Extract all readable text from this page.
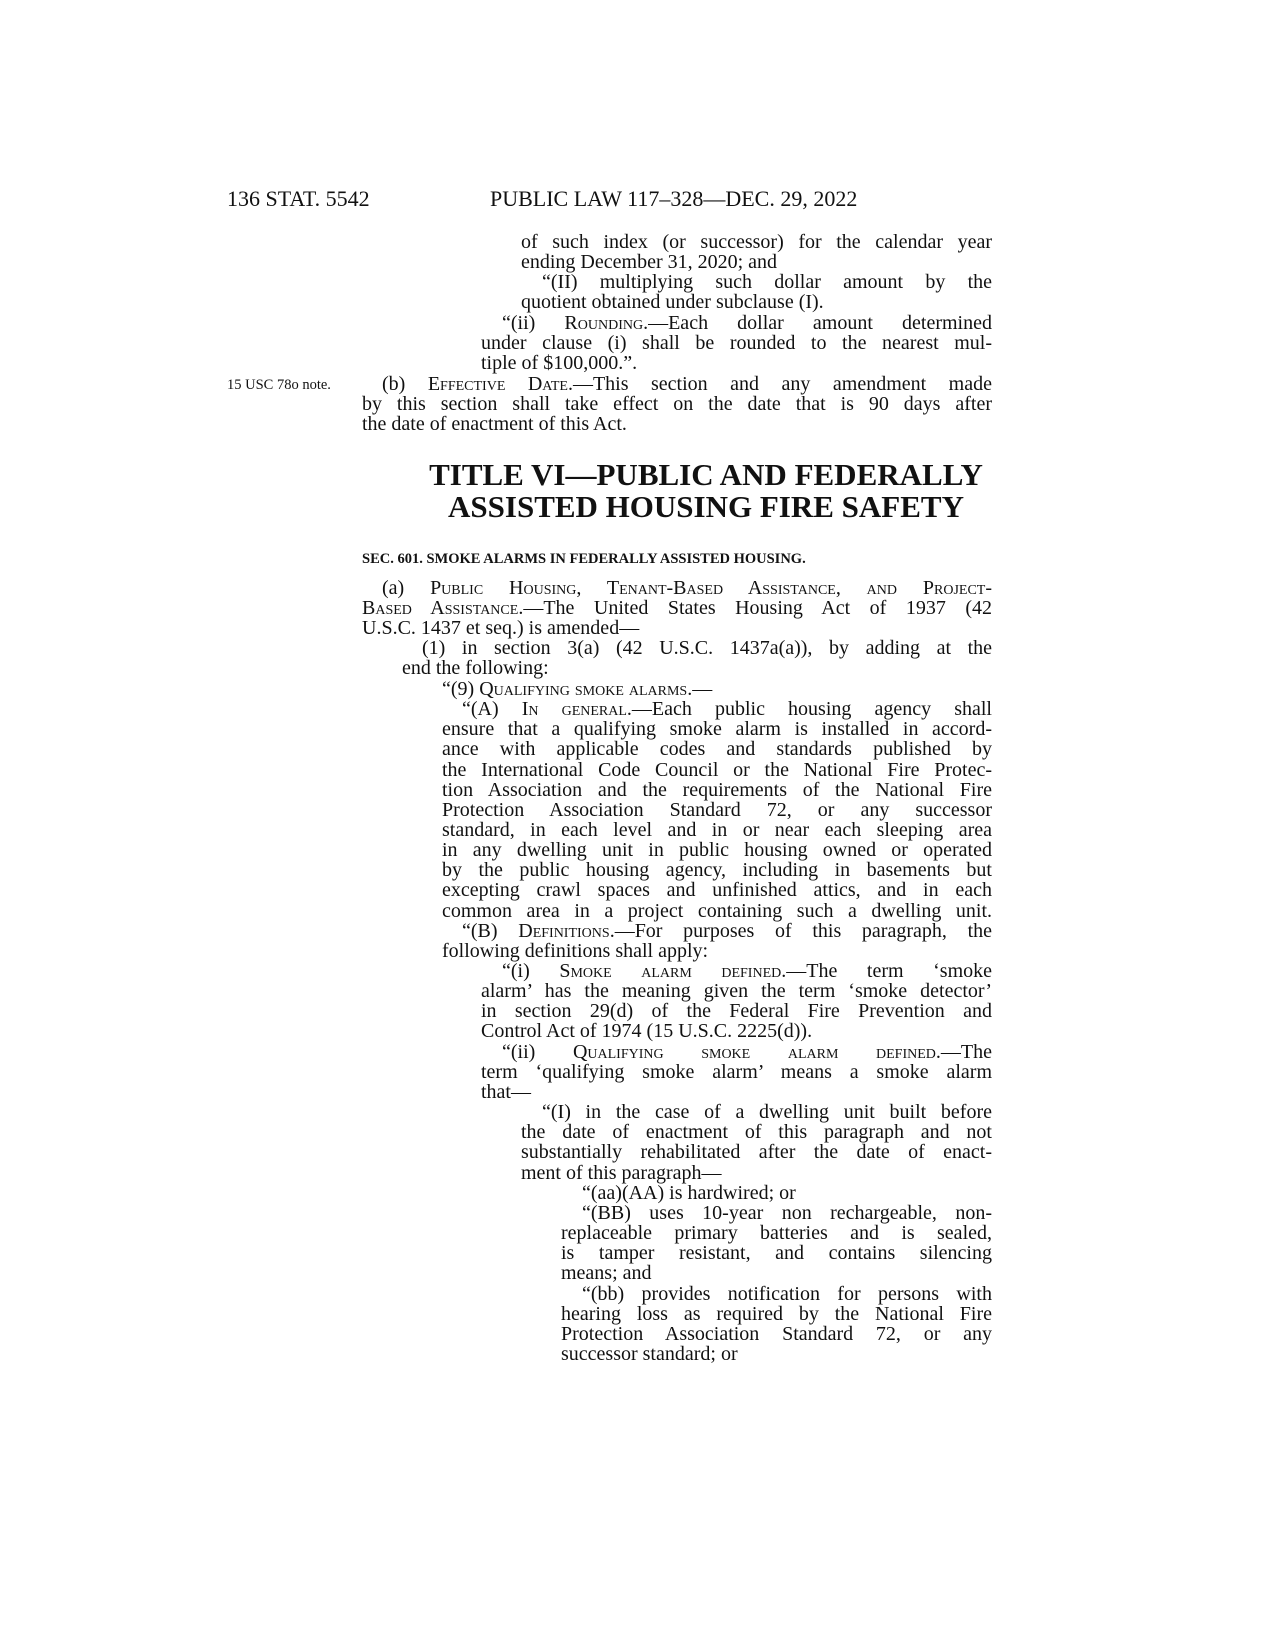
136 STAT. 5542	PUBLIC LAW 117–328—DEC. 29, 2022
of such index (or successor) for the calendar year
ending December 31, 2020; and
“(II) multiplying such dollar amount by the
quotient obtained under subclause (I).
“(ii) Rounding.—Each dollar amount determined
under clause (i) shall be rounded to the nearest mul-
tiple of $100,000.”.
15 USC 78o note.	(b) Effective Date.—This section and any amendment made
by this section shall take effect on the date that is 90 days after
the date of enactment of this Act.
TITLE VI—PUBLIC AND FEDERALLY
ASSISTED HOUSING FIRE SAFETY
SEC. 601. SMOKE ALARMS IN FEDERALLY ASSISTED HOUSING.
(a) Public Housing, Tenant-Based Assistance, and Project-
Based Assistance.—The United States Housing Act of 1937 (42
U.S.C. 1437 et seq.) is amended—
(1) in section 3(a) (42 U.S.C. 1437a(a)), by adding at the
end the following:
“(9) Qualifying smoke alarms.—
“(A) In general.—Each public housing agency shall
ensure that a qualifying smoke alarm is installed in accord-
ance with applicable codes and standards published by
the International Code Council or the National Fire Protec-
tion Association and the requirements of the National Fire
Protection Association Standard 72, or any successor
standard, in each level and in or near each sleeping area
in any dwelling unit in public housing owned or operated
by the public housing agency, including in basements but
excepting crawl spaces and unfinished attics, and in each
common area in a project containing such a dwelling unit.
“(B) Definitions.—For purposes of this paragraph, the
following definitions shall apply:
“(i) Smoke alarm defined.—The term ‘smoke
alarm’ has the meaning given the term ‘smoke detector’
in section 29(d) of the Federal Fire Prevention and
Control Act of 1974 (15 U.S.C. 2225(d)).
“(ii) Qualifying smoke alarm defined.—The
term ‘qualifying smoke alarm’ means a smoke alarm
that—
“(I) in the case of a dwelling unit built before
the date of enactment of this paragraph and not
substantially rehabilitated after the date of enact-
ment of this paragraph—
“(aa)(AA) is hardwired; or
“(BB) uses 10-year non rechargeable, non-
replaceable primary batteries and is sealed,
is tamper resistant, and contains silencing
means; and
“(bb) provides notification for persons with
hearing loss as required by the National Fire
Protection Association Standard 72, or any
successor standard; or
